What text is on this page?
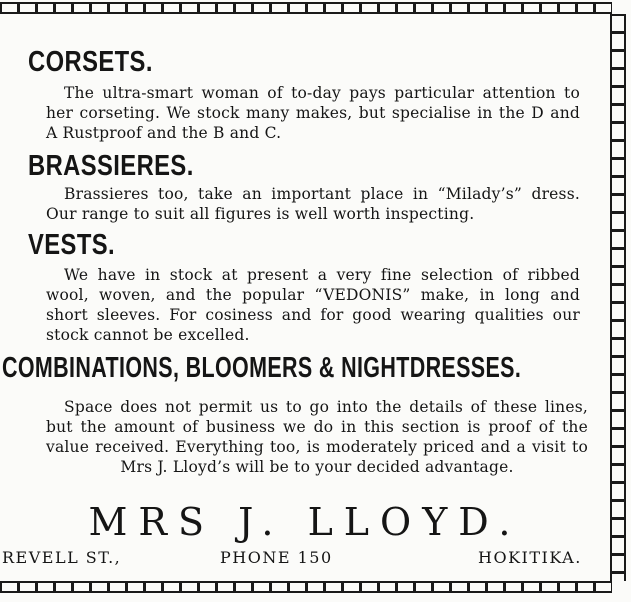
CORSETS.

The ultra-smart woman of to-day pays particular attention to her corseting. We stock many makes, but specialise in the D and A Rustproof and the B and C.

BRASSIERES.

Brassieres too, take an important place in “Milady’s” dress. Our range to suit all figures is well worth inspecting.

VESTS.

We have in stock at present a very fine selection of ribbed wool, woven, and the popular “VEDONIS” make, in long and short sleeves. For cosiness and for good wearing qualities our stock cannot be excelled.

COMBINATIONS, BLOOMERS & NIGHTDRESSES.

Space does not permit us to go into the details of these lines, but the amount of business we do in this section is proof of the value received. Everything too, is moderately priced and a visit to Mrs J. Lloyd’s will be to your decided advantage.

MRS J. LLOYD.

REVELL ST.,	PHONE 150	HOKITIKA.
